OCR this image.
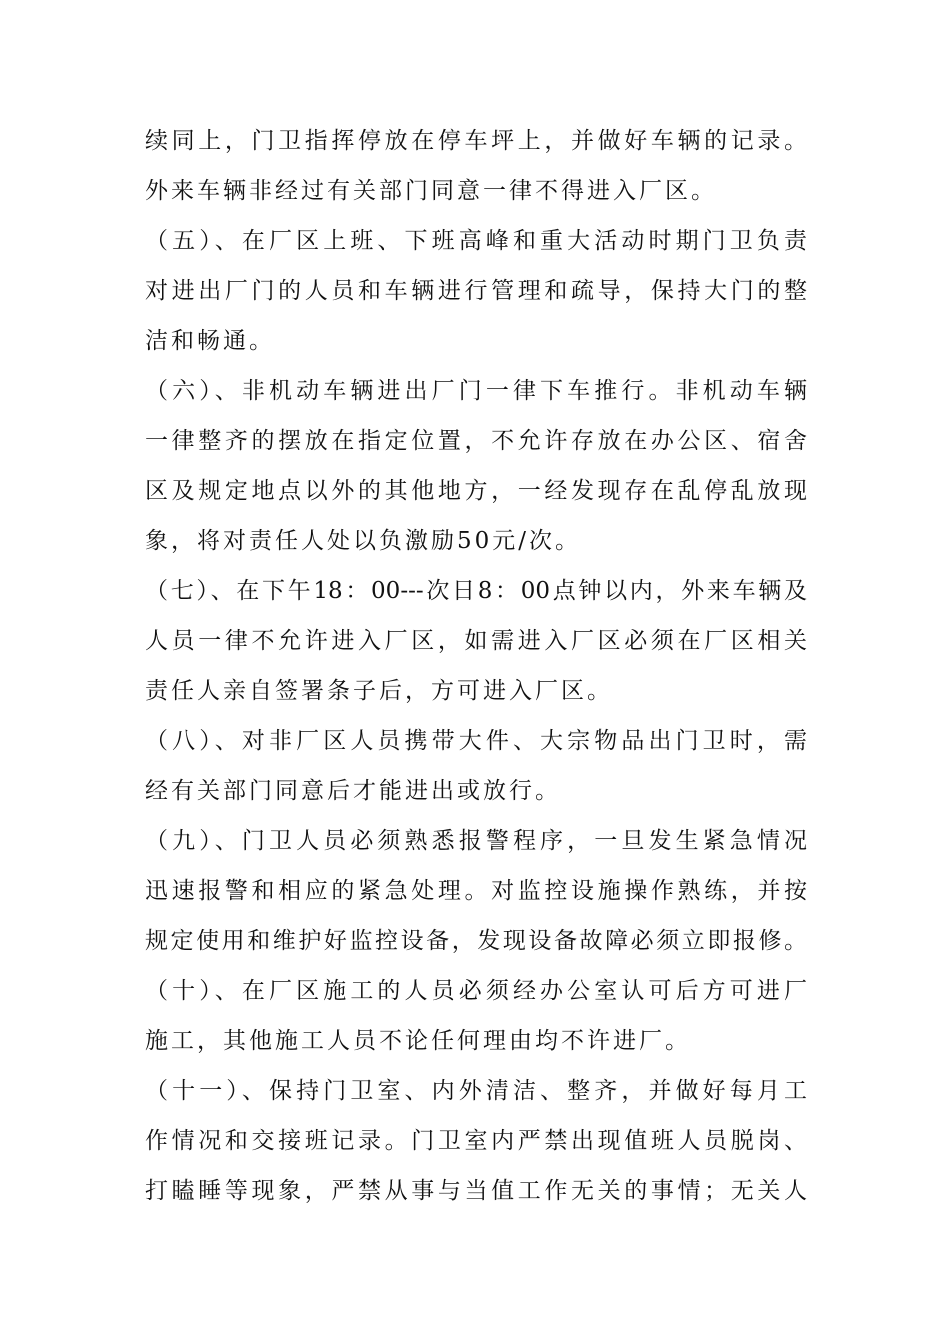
续同上，门卫指挥停放在停车坪上，并做好车辆的记录。
外来车辆非经过有关部门同意一律不得进入厂区。
（五）、在厂区上班、下班高峰和重大活动时期门卫负责
对进出厂门的人员和车辆进行管理和疏导，保持大门的整
洁和畅通。
（六）、非机动车辆进出厂门一律下车推行。非机动车辆
一律整齐的摆放在指定位置，不允许存放在办公区、宿舍
区及规定地点以外的其他地方，一经发现存在乱停乱放现
象，将对责任人处以负激励50元/次。
（七）、在下午18：00---次日8：00点钟以内，外来车辆及
人员一律不允许进入厂区，如需进入厂区必须在厂区相关
责任人亲自签署条子后，方可进入厂区。
（八）、对非厂区人员携带大件、大宗物品出门卫时，需
经有关部门同意后才能进出或放行。
（九）、门卫人员必须熟悉报警程序，一旦发生紧急情况
迅速报警和相应的紧急处理。对监控设施操作熟练，并按
规定使用和维护好监控设备，发现设备故障必须立即报修。
（十）、在厂区施工的人员必须经办公室认可后方可进厂
施工，其他施工人员不论任何理由均不许进厂。
（十一）、保持门卫室、内外清洁、整齐，并做好每月工
作情况和交接班记录。门卫室内严禁出现值班人员脱岗、
打瞌睡等现象，严禁从事与当值工作无关的事情；无关人
